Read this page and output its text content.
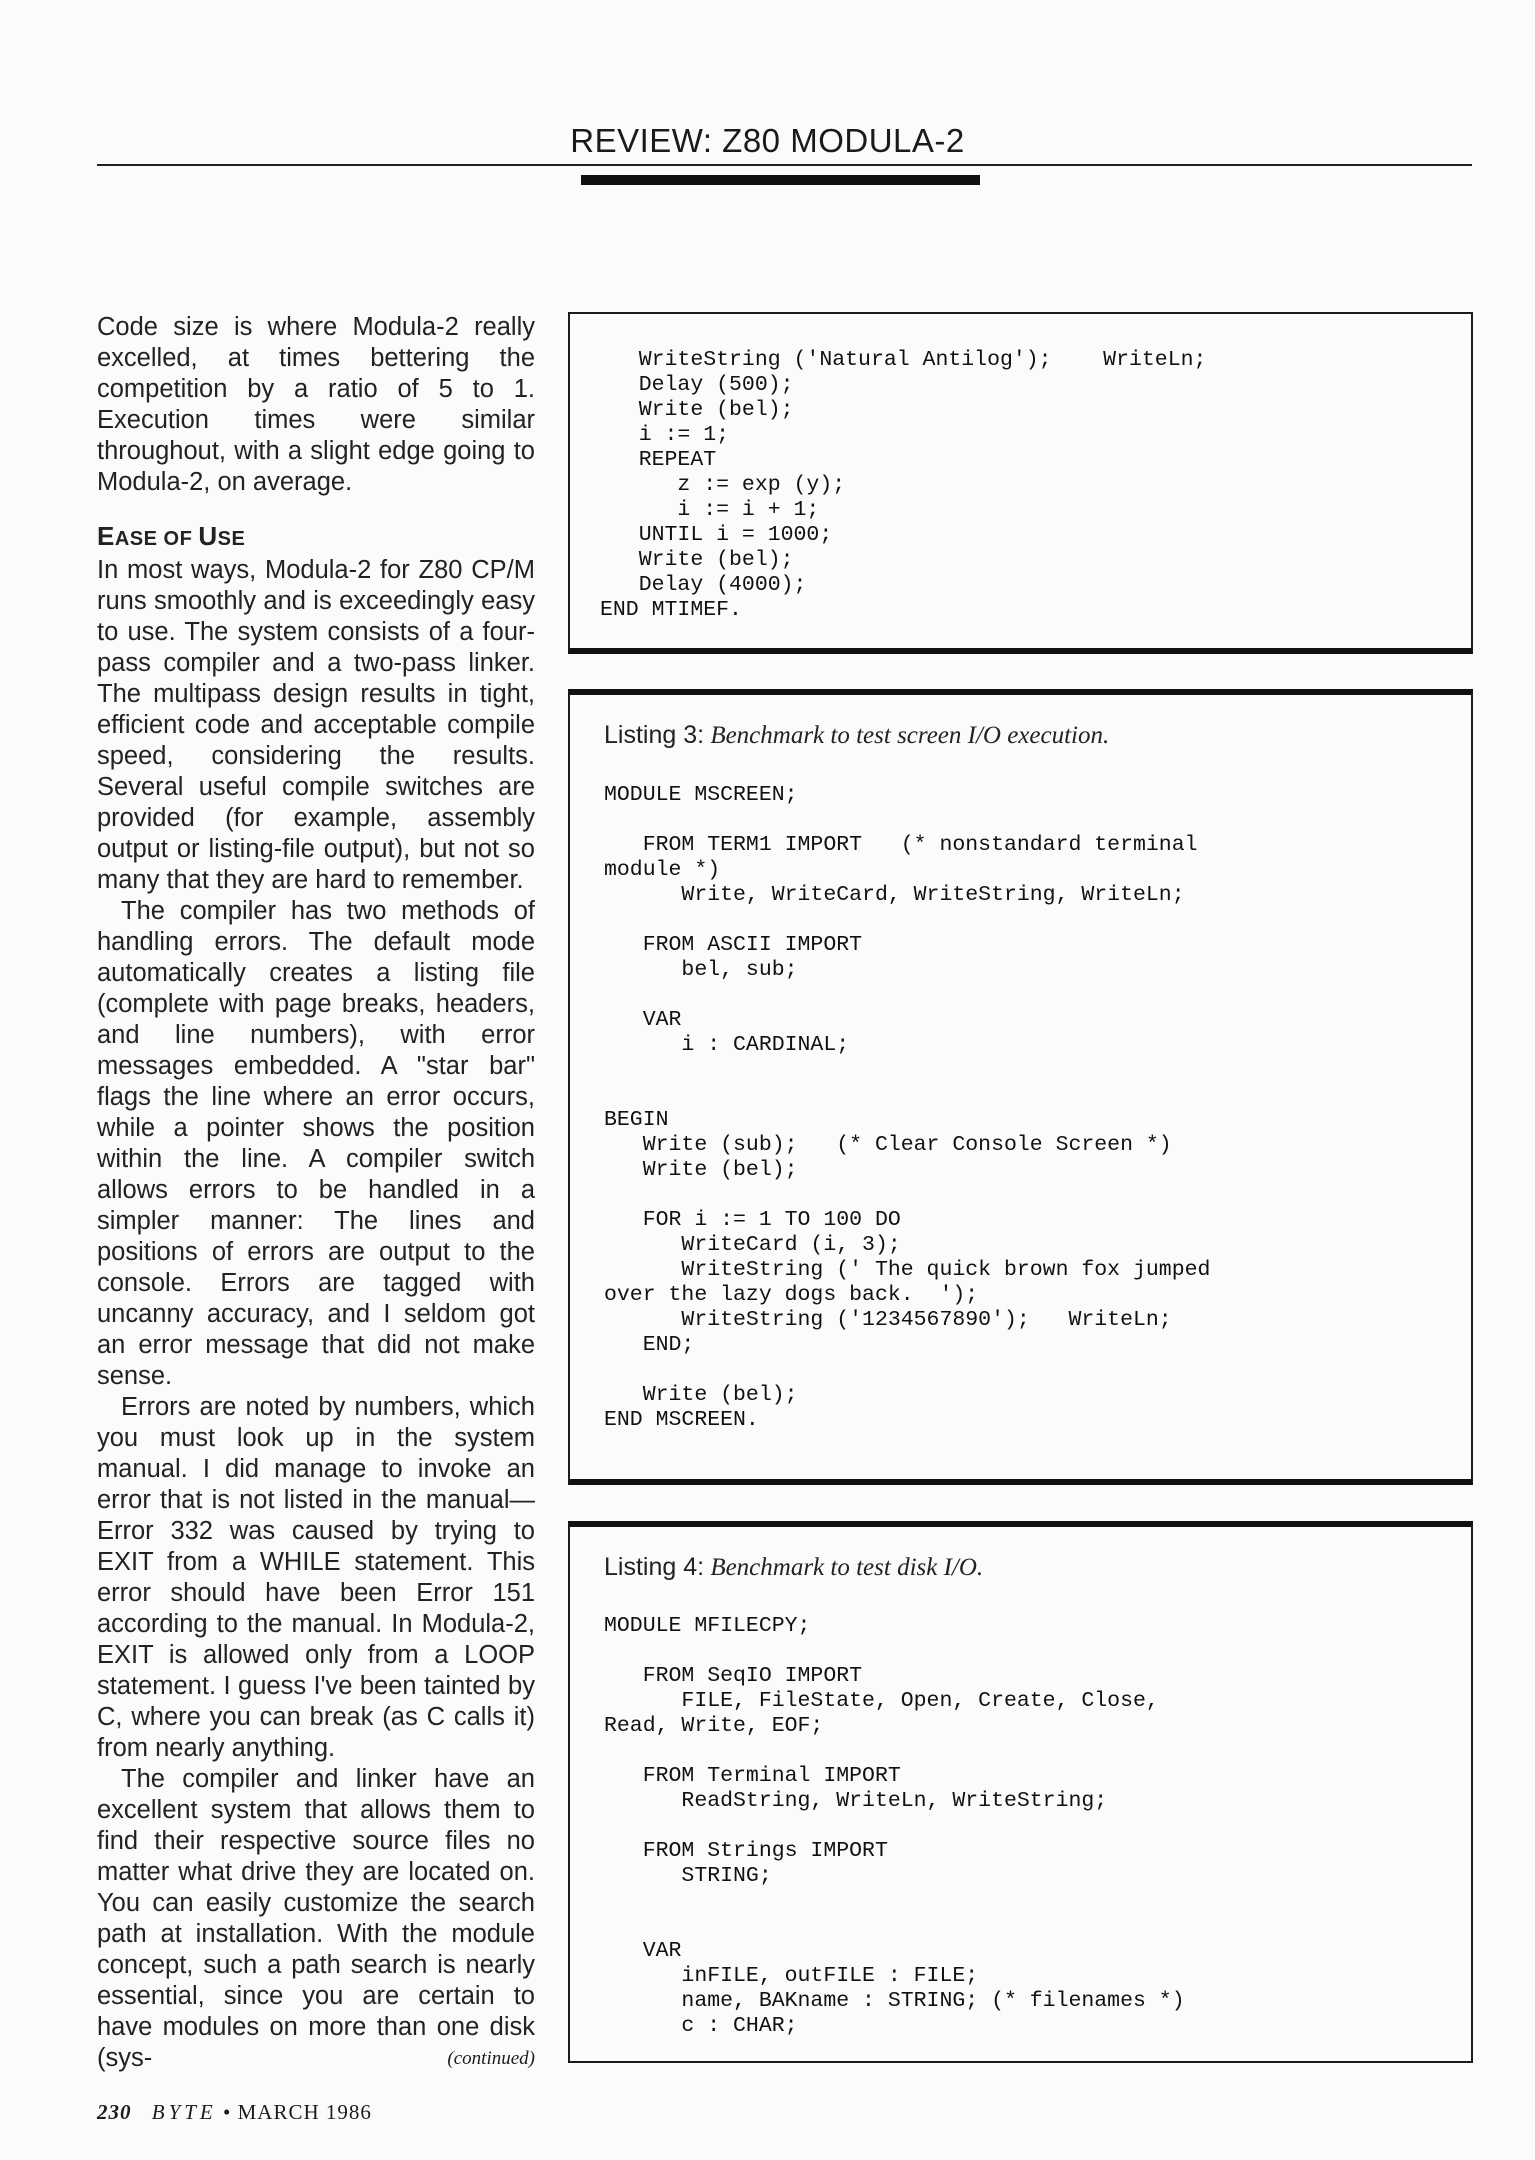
REVIEW: Z80 MODULA-2

Code size is where Modula-2 really excelled, at times bettering the competition by a ratio of 5 to 1. Execution times were similar throughout, with a slight edge going to Modula-2, on average.

EASE OF USE

In most ways, Modula-2 for Z80 CP/M runs smoothly and is exceedingly easy to use. The system consists of a four-pass compiler and a two-pass linker. The multipass design results in tight, efficient code and acceptable compile speed, considering the results. Several useful compile switches are provided (for example, assembly output or listing-file output), but not so many that they are hard to remember.

The compiler has two methods of handling errors. The default mode automatically creates a listing file (complete with page breaks, headers, and line numbers), with error messages embedded. A "star bar" flags the line where an error occurs, while a pointer shows the position within the line. A compiler switch allows errors to be handled in a simpler manner: The lines and positions of errors are output to the console. Errors are tagged with uncanny accuracy, and I seldom got an error message that did not make sense.

Errors are noted by numbers, which you must look up in the system manual. I did manage to invoke an error that is not listed in the manual—Error 332 was caused by trying to EXIT from a WHILE statement. This error should have been Error 151 according to the manual. In Modula-2, EXIT is allowed only from a LOOP statement. I guess I've been tainted by C, where you can break (as C calls it) from nearly anything.

The compiler and linker have an excellent system that allows them to find their respective source files no matter what drive they are located on. You can easily customize the search path at installation. With the module concept, such a path search is nearly essential, since you are certain to have modules on more than one disk (sys-	(continued)
WriteString ('Natural Antilog');    WriteLn;
Delay (500);
Write (bel);
i := 1;
REPEAT
z := exp (y);
i := i + 1;
UNTIL i = 1000;
Write (bel);
Delay (4000);
END MTIMEF.
Listing 3: Benchmark to test screen I/O execution.
MODULE MSCREEN;

FROM TERM1 IMPORT   (* nonstandard terminal
module *)
Write, WriteCard, WriteString, WriteLn;

FROM ASCII IMPORT
bel, sub;

VAR
i : CARDINAL;

BEGIN
Write (sub);   (* Clear Console Screen *)
Write (bel);

FOR i := 1 TO 100 DO
WriteCard (i, 3);
WriteString (' The quick brown fox jumped
over the lazy dogs back.  ');
WriteString ('1234567890');   WriteLn;
END;

Write (bel);
END MSCREEN.
Listing 4: Benchmark to test disk I/O.
MODULE MFILECPY;

FROM SeqIO IMPORT
FILE, FileState, Open, Create, Close,
Read, Write, EOF;

FROM Terminal IMPORT
ReadString, WriteLn, WriteString;

FROM Strings IMPORT
STRING;

VAR
inFILE, outFILE : FILE;
name, BAKname : STRING; (* filenames *)
c : CHAR;
230 BYTE • MARCH 1986
